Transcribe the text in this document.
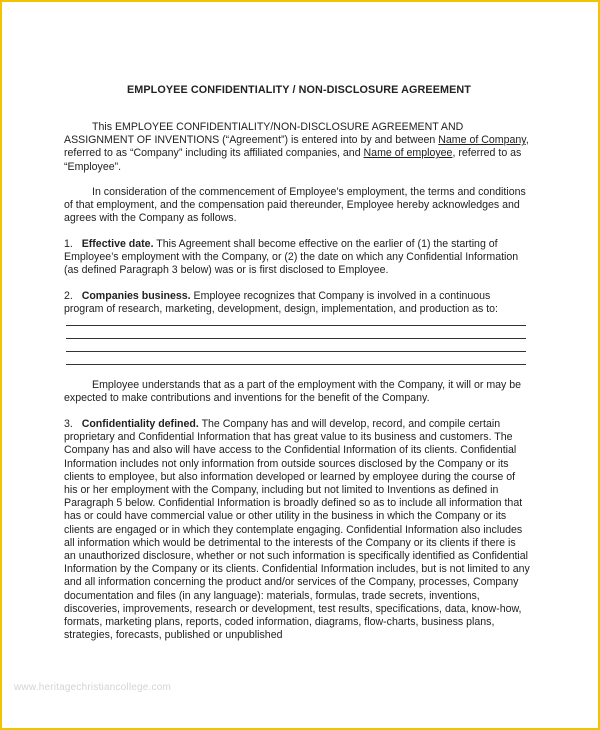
EMPLOYEE CONFIDENTIALITY / NON-DISCLOSURE AGREEMENT

This EMPLOYEE CONFIDENTIALITY/NON-DISCLOSURE AGREEMENT AND ASSIGNMENT OF INVENTIONS (“Agreement”) is entered into by and between Name of Company, referred to as “Company” including its affiliated companies, and Name of employee, referred to as “Employee”.

In consideration of the commencement of Employee’s employment, the terms and conditions of that employment, and the compensation paid thereunder, Employee hereby acknowledges and agrees with the Company as follows.

1. Effective date. This Agreement shall become effective on the earlier of (1) the starting of Employee’s employment with the Company, or (2) the date on which any Confidential Information (as defined Paragraph 3 below) was or is first disclosed to Employee.

2. Companies business. Employee recognizes that Company is involved in a continuous program of research, marketing, development, design, implementation, and production as to:

Employee understands that as a part of the employment with the Company, it will or may be expected to make contributions and inventions for the benefit of the Company.

3. Confidentiality defined. The Company has and will develop, record, and compile certain proprietary and Confidential Information that has great value to its business and customers. The Company has and also will have access to the Confidential Information of its clients. Confidential Information includes not only information from outside sources disclosed by the Company or its clients to employee, but also information developed or learned by employee during the course of his or her employment with the Company, including but not limited to Inventions as defined in Paragraph 5 below. Confidential Information is broadly defined so as to include all information that has or could have commercial value or other utility in the business in which the Company or its clients are engaged or in which they contemplate engaging. Confidential Information also includes all information which would be detrimental to the interests of the Company or its clients if there is an unauthorized disclosure, whether or not such information is specifically identified as Confidential Information by the Company or its clients. Confidential Information includes, but is not limited to any and all information concerning the product and/or services of the Company, processes, Company documentation and files (in any language): materials, formulas, trade secrets, inventions, discoveries, improvements, research or development, test results, specifications, data, know-how, formats, marketing plans, reports, coded information, diagrams, flow-charts, business plans, strategies, forecasts, published or unpublished

www.heritagechristiancollege.com
